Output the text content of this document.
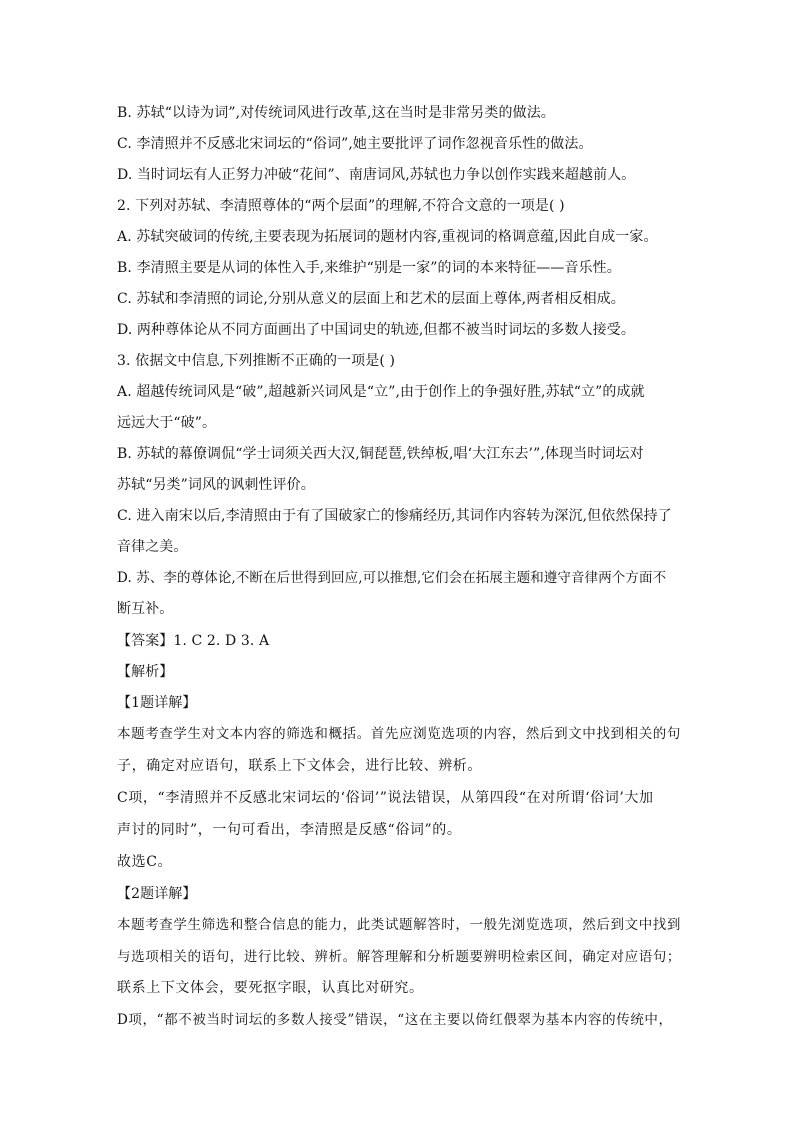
B. 苏轼“以诗为词”,对传统词风进行改革,这在当时是非常另类的做法。
C. 李清照并不反感北宋词坛的“俗词”,她主要批评了词作忽视音乐性的做法。
D. 当时词坛有人正努力冲破“花间”、南唐词风,苏轼也力争以创作实践来超越前人。
2. 下列对苏轼、李清照尊体的“两个层面”的理解,不符合文意的一项是( )
A. 苏轼突破词的传统,主要表现为拓展词的题材内容,重视词的格调意蕴,因此自成一家。
B. 李清照主要是从词的体性入手,来维护“别是一家”的词的本来特征——音乐性。
C. 苏轼和李清照的词论,分别从意义的层面上和艺术的层面上尊体,两者相反相成。
D. 两种尊体论从不同方面画出了中国词史的轨迹,但都不被当时词坛的多数人接受。
3. 依据文中信息,下列推断不正确的一项是( )
A. 超越传统词风是“破”,超越新兴词风是“立”,由于创作上的争强好胜,苏轼“立”的成就
远远大于“破”。
B. 苏轼的幕僚调侃“学士词须关西大汉,铜琵琶,铁绰板,唱‘大江东去’”,体现当时词坛对
苏轼“另类”词风的讽刺性评价。
C. 进入南宋以后,李清照由于有了国破家亡的惨痛经历,其词作内容转为深沉,但依然保持了
音律之美。
D. 苏、李的尊体论,不断在后世得到回应,可以推想,它们会在拓展主题和遵守音律两个方面不
断互补。
【答案】1. C 2. D 3. A
【解析】
【1题详解】
本题考查学生对文本内容的筛选和概括。首先应浏览选项的内容，然后到文中找到相关的句
子，确定对应语句，联系上下文体会，进行比较、辨析。
C项，“李清照并不反感北宋词坛的‘俗词’”说法错误，从第四段“在对所谓‘俗词’大加
声讨的同时”，一句可看出，李清照是反感“俗词”的。
故选C。
【2题详解】
本题考查学生筛选和整合信息的能力，此类试题解答时，一般先浏览选项，然后到文中找到
与选项相关的语句，进行比较、辨析。解答理解和分析题要辨明检索区间，确定对应语句；
联系上下文体会，要死抠字眼，认真比对研究。
D项，“都不被当时词坛的多数人接受”错误，“这在主要以倚红偎翠为基本内容的传统中，
